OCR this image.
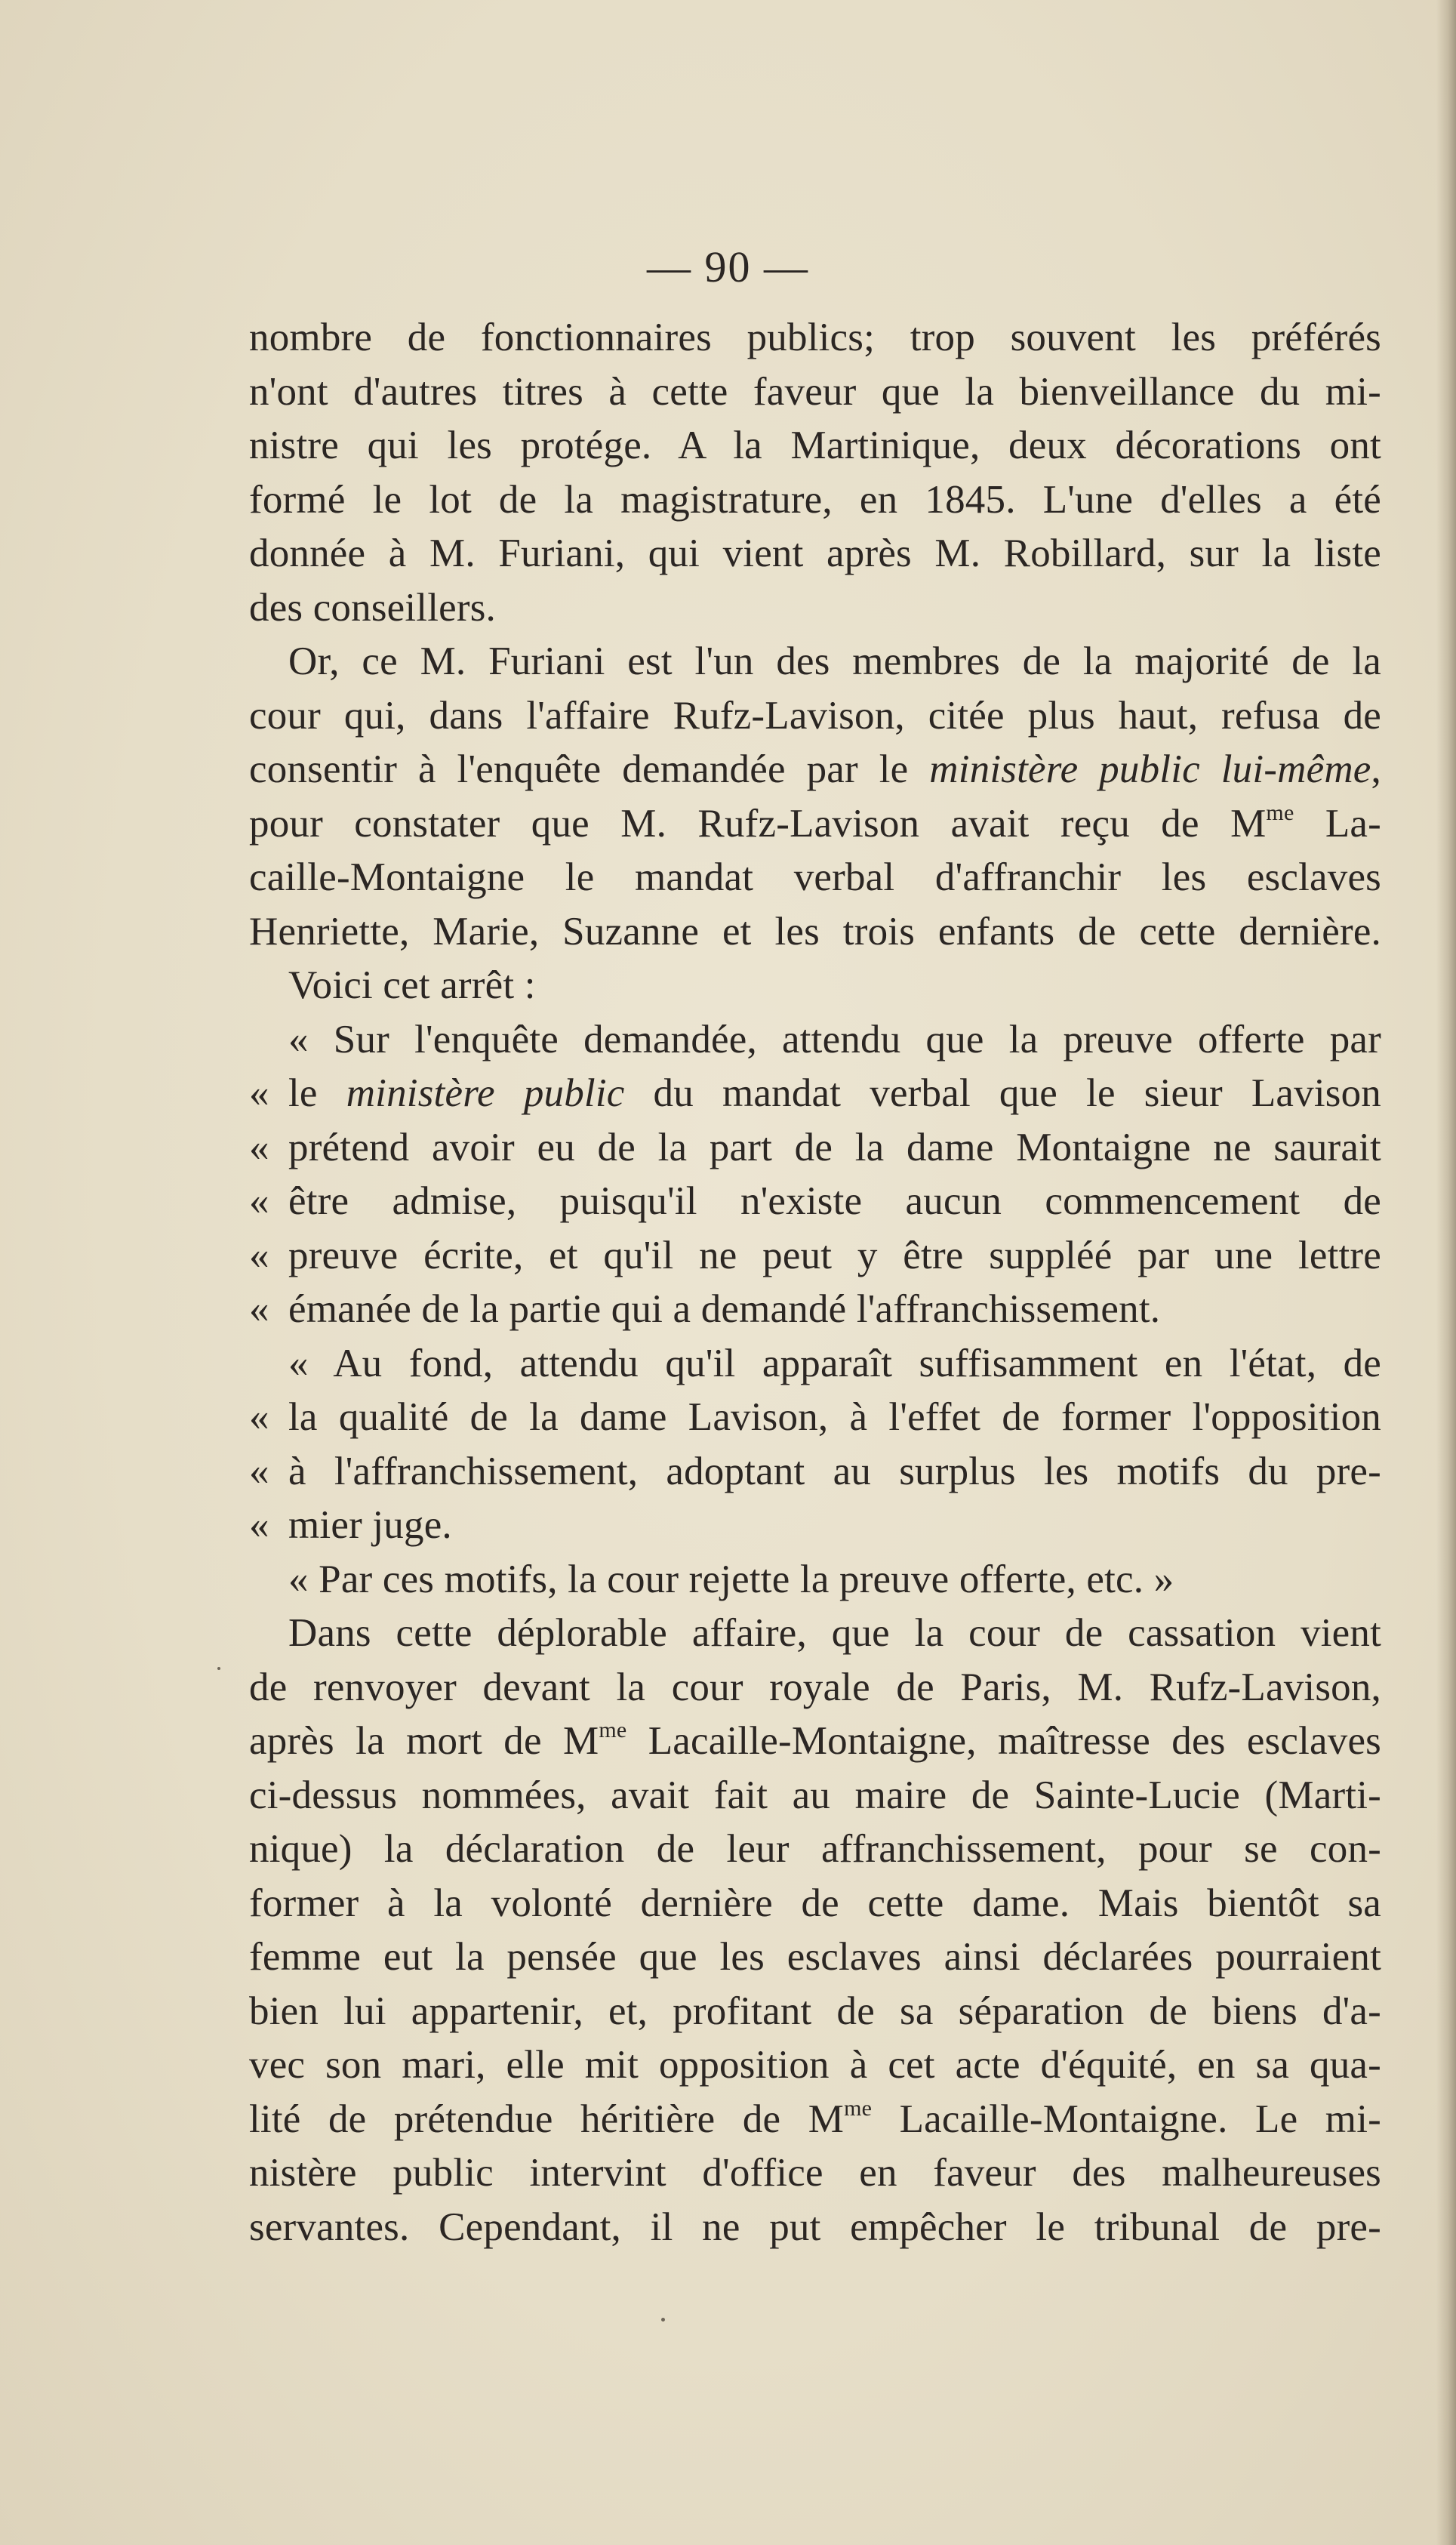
— 90 —
nombre de fonctionnaires publics; trop souvent les préférés
n'ont d'autres titres à cette faveur que la bienveillance du mi-
nistre qui les protége. A la Martinique, deux décorations ont
formé le lot de la magistrature, en 1845. L'une d'elles a été
donnée à M. Furiani, qui vient après M. Robillard, sur la liste
des conseillers.
Or, ce M. Furiani est l'un des membres de la majorité de la
cour qui, dans l'affaire Rufz-Lavison, citée plus haut, refusa de
consentir à l'enquête demandée par le ministère public lui-même,
pour constater que M. Rufz-Lavison avait reçu de $M^{me}$ La-
caille-Montaigne le mandat verbal d'affranchir les esclaves
Henriette, Marie, Suzanne et les trois enfants de cette dernière.
Voici cet arrêt :
« Sur l'enquête demandée, attendu que la preuve offerte par
« le ministère public du mandat verbal que le sieur Lavison
« prétend avoir eu de la part de la dame Montaigne ne saurait
« être admise, puisqu'il n'existe aucun commencement de
« preuve écrite, et qu'il ne peut y être suppléé par une lettre
« émanée de la partie qui a demandé l'affranchissement.
« Au fond, attendu qu'il apparaît suffisamment en l'état, de
« la qualité de la dame Lavison, à l'effet de former l'opposition
« à l'affranchissement, adoptant au surplus les motifs du pre-
« mier juge.
« Par ces motifs, la cour rejette la preuve offerte, etc. »
Dans cette déplorable affaire, que la cour de cassation vient
de renvoyer devant la cour royale de Paris, M. Rufz-Lavison,
après la mort de $M^{me}$ Lacaille-Montaigne, maîtresse des esclaves
ci-dessus nommées, avait fait au maire de Sainte-Lucie (Marti-
nique) la déclaration de leur affranchissement, pour se con-
former à la volonté dernière de cette dame. Mais bientôt sa
femme eut la pensée que les esclaves ainsi déclarées pourraient
bien lui appartenir, et, profitant de sa séparation de biens d'a-
vec son mari, elle mit opposition à cet acte d'équité, en sa qua-
lité de prétendue héritière de $M^{me}$ Lacaille-Montaigne. Le mi-
nistère public intervint d'office en faveur des malheureuses
servantes. Cependant, il ne put empêcher le tribunal de pre-
